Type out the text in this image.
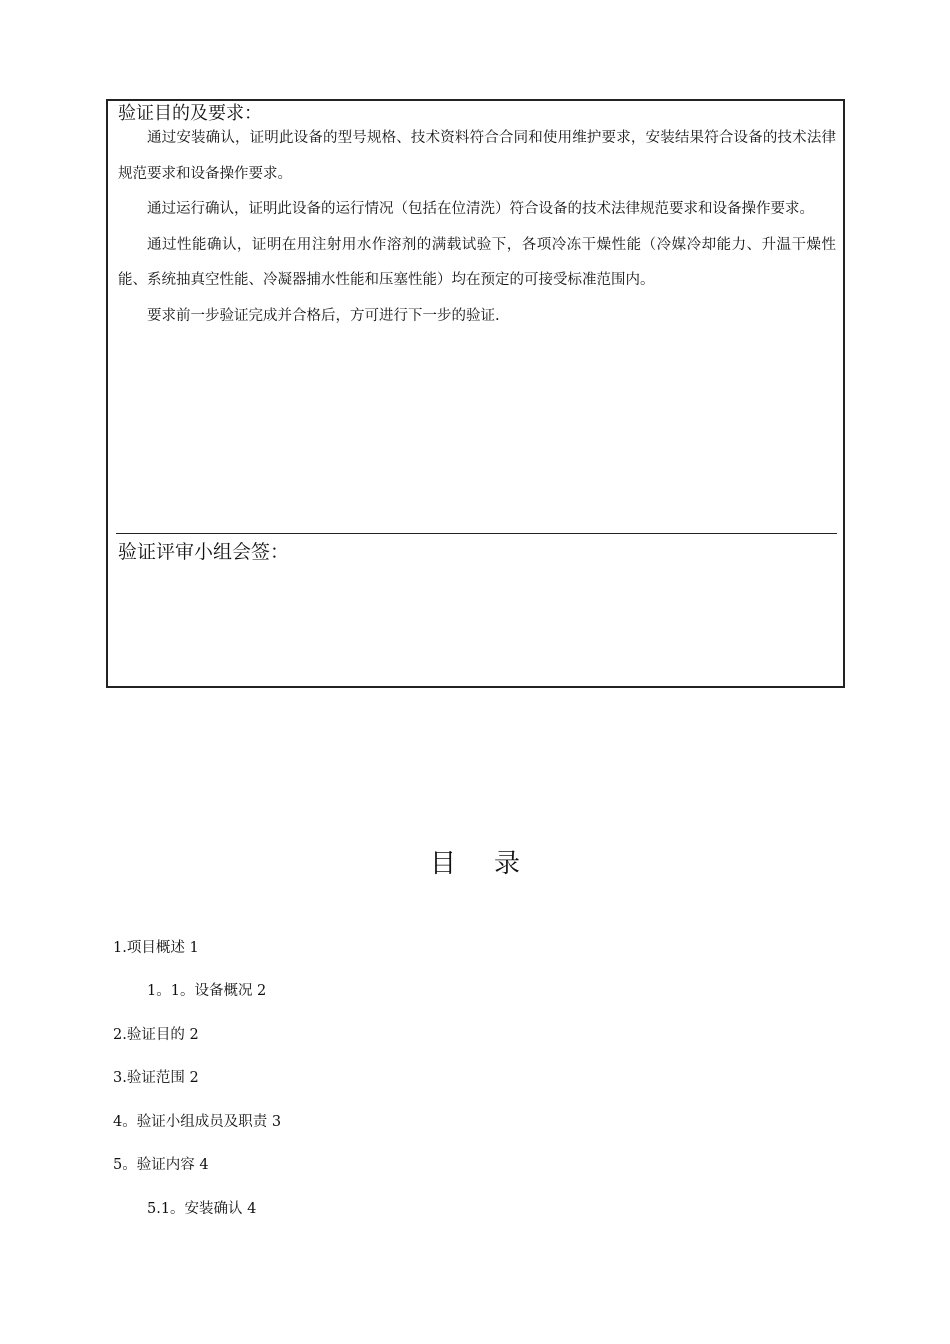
验证目的及要求：

通过安装确认，证明此设备的型号规格、技术资料符合合同和使用维护要求，安装结果符合设备的技术法律规范要求和设备操作要求。

通过运行确认，证明此设备的运行情况（包括在位清洗）符合设备的技术法律规范要求和设备操作要求。

通过性能确认，证明在用注射用水作溶剂的满载试验下，各项冷冻干燥性能（冷媒冷却能力、升温干燥性能、系统抽真空性能、冷凝器捕水性能和压塞性能）均在预定的可接受标准范围内。

要求前一步验证完成并合格后，方可进行下一步的验证.

验证评审小组会签：
目录
1.项目概述 1
1。1。设备概况 2
2.验证目的 2
3.验证范围 2
4。验证小组成员及职责 3
5。验证内容 4
5.1。安装确认 4
